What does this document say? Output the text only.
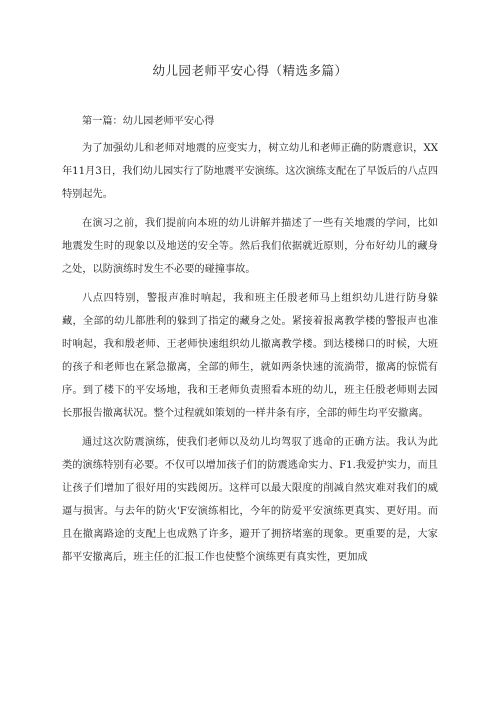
幼儿园老师平安心得（精选多篇）

第一篇：幼儿园老师平安心得

为了加强幼儿和老师对地震的应变实力，树立幼儿和老师正确的防震意识，XX年11月3日，我们幼儿园实行了防地震平安演练。这次演练支配在了早饭后的八点四特别起先。

在演习之前，我们提前向本班的幼儿讲解并描述了一些有关地震的学问，比如地震发生时的现象以及地送的安全等。然后我们依据就近原则，分布好幼儿的藏身之处，以防演练时发生不必要的碰撞事故。

八点四特别，警报声准时响起，我和班主任殷老师马上组织幼儿进行防身躲藏，全部的幼儿都胜利的躲到了指定的藏身之处。紧接着报离教学楼的警报声也准时响起，我和殷老师、王老师快速组织幼儿撤离教学楼。到达楼梯口的时候，大班的孩子和老师也在紧急撤离，全部的师生，就如两条快速的流淌带，撤离的惊慌有序。到了楼下的平安场地，我和王老师负责照看本班的幼儿，班主任殷老师则去园长那报告撤离状况。整个过程就如策划的一样井条有序，全部的师生均平安撤离。

通过这次防震演练，使我们老师以及幼儿均驾驭了逃命的正确方法。我认为此类的演练特别有必要。不仅可以增加孩子们的防震逃命实力、F1.我爱护实力，而且让孩子们增加了很好用的实践阅历。这样可以最大限度的削减自然灾难对我们的威逼与损害。与去年的防火'F安演练相比，今年的防爱平安演练更真实、更好用。而且在撤离路途的支配上也成熟了许多，避开了拥挤堵塞的现象。更重要的是，大家都平安撤离后，班主任的汇报工作也使整个演练更有真实性，更加成
